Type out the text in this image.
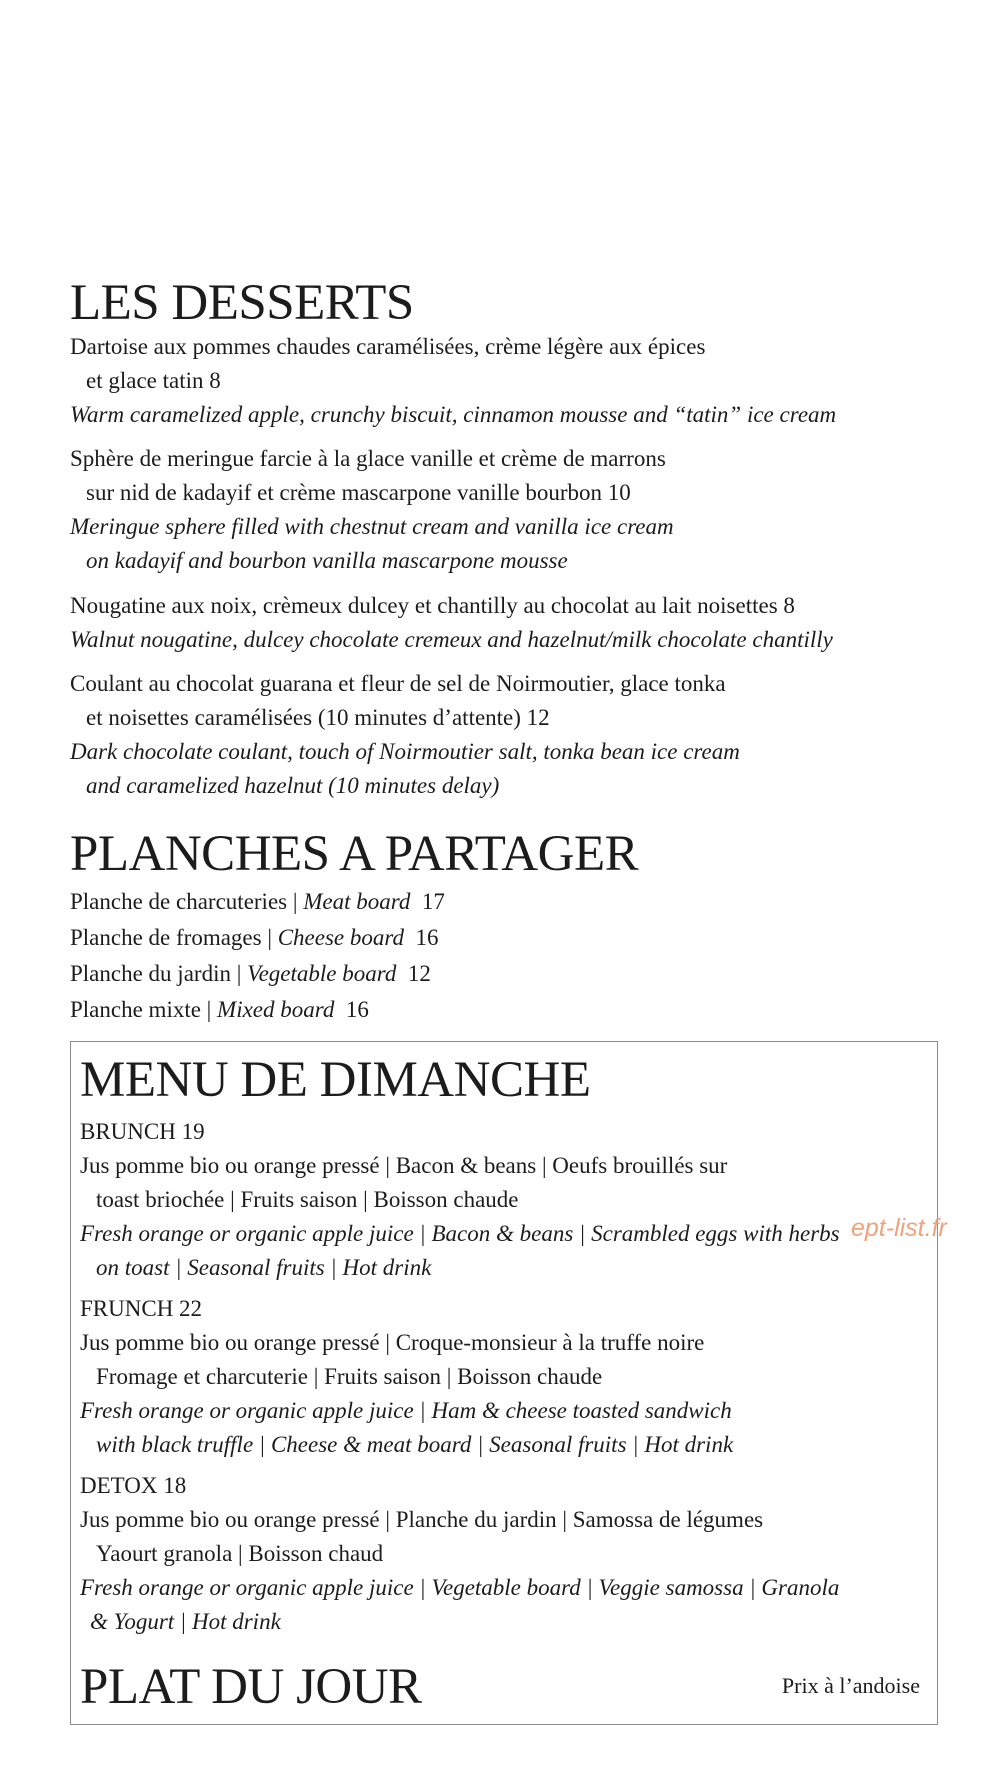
LES DESSERTS
Dartoise aux pommes chaudes caramélisées, crème légère aux épices
et glace tatin 8
Warm caramelized apple, crunchy biscuit, cinnamon mousse and “tatin” ice cream
Sphère de meringue farcie à la glace vanille et crème de marrons
sur nid de kadayif et crème mascarpone vanille bourbon 10
Meringue sphere filled with chestnut cream and vanilla ice cream
on kadayif and bourbon vanilla mascarpone mousse
Nougatine aux noix, crèmeux dulcey et chantilly au chocolat au lait noisettes 8
Walnut nougatine, dulcey chocolate cremeux and hazelnut/milk chocolate chantilly
Coulant au chocolat guarana et fleur de sel de Noirmoutier, glace tonka
et noisettes caramélisées (10 minutes d’attente) 12
Dark chocolate coulant, touch of Noirmoutier salt, tonka bean ice cream
and caramelized hazelnut (10 minutes delay)
PLANCHES A PARTAGER
Planche de charcuteries | Meat board  17
Planche de fromages | Cheese board  16
Planche du jardin | Vegetable board  12
Planche mixte | Mixed board  16
MENU DE DIMANCHE
BRUNCH 19
Jus pomme bio ou orange pressé | Bacon & beans | Oeufs brouillés sur
toast briochée | Fruits saison | Boisson chaude
Fresh orange or organic apple juice | Bacon & beans | Scrambled eggs with herbs
on toast | Seasonal fruits | Hot drink
FRUNCH 22
Jus pomme bio ou orange pressé | Croque-monsieur à la truffe noire
Fromage et charcuterie | Fruits saison | Boisson chaude
Fresh orange or organic apple juice | Ham & cheese toasted sandwich
with black truffle | Cheese & meat board | Seasonal fruits | Hot drink
DETOX 18
Jus pomme bio ou orange pressé | Planche du jardin | Samossa de légumes
Yaourt granola | Boisson chaud
Fresh orange or organic apple juice | Vegetable board | Veggie samossa | Granola
& Yogurt | Hot drink
PLAT DU JOUR	Prix à l’andoise
ept-list.fr
